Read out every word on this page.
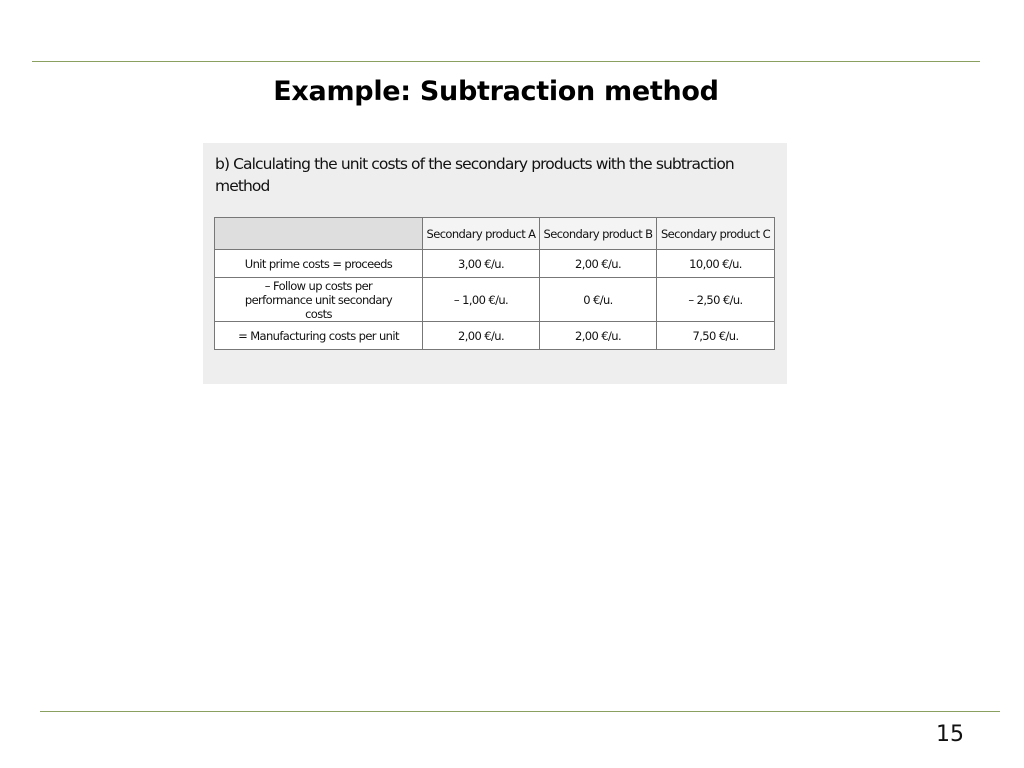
Example: Subtraction method
b) Calculating the unit costs of the secondary products with the subtraction method
	Secondary product A	Secondary product B	Secondary product C
Unit prime costs = proceeds	3,00 €/u.	2,00 €/u.	10,00 €/u.
– Follow up costs per performance unit secondary costs	– 1,00 €/u.	0 €/u.	– 2,50 €/u.
= Manufacturing costs per unit	2,00 €/u.	2,00 €/u.	7,50 €/u.
15
